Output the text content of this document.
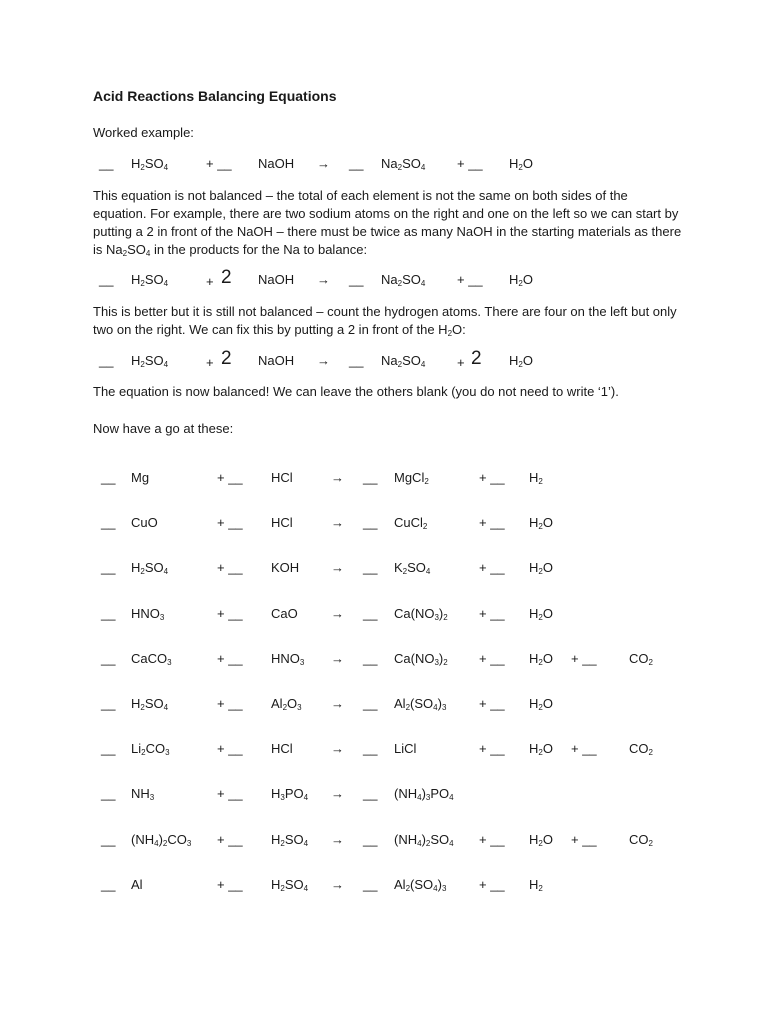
Acid Reactions Balancing Equations
Worked example:
__ $H_2SO_4$	+ __ NaOH → __ $Na_2SO_4$ + __ $H_2O$
This equation is not balanced – the total of each element is not the same on both sides of the equation. For example, there are two sodium atoms on the right and one on the left so we can start by putting a 2 in front of the NaOH – there must be twice as many NaOH in the starting materials as there is $Na_2SO_4$ in the products for the Na to balance:
__ $H_2SO_4$	+ 2 NaOH → __ $Na_2SO_4$ + __ $H_2O$
This is better but it is still not balanced – count the hydrogen atoms. There are four on the left but only two on the right. We can fix this by putting a 2 in front of the $H_2O$:
__ $H_2SO_4$	+ 2 NaOH → __ $Na_2SO_4 + 2$ $H_2O$
The equation is now balanced! We can leave the others blank (you do not need to write ‘1’).
Now have a go at these:
__ Mg	+ __ HCl	→ __ MgCl$_2$	+ __ $H_2$
__ CuO	+ __ HCl	→ __ CuCl$_2$	+ __ $H_2O$
__ $H_2SO_4$	+ __ KOH → __ $K_2SO_4$	+ __ $H_2O$
__ $HNO_3$	+ __ CaO	→ __ $Ca(NO_3)_2$ + __ $H_2O$
__ CaCO$_3$	+ __ $HNO_3$ → __ $Ca(NO_3)_2$ + __ $H_2O$ + __ $CO_2$
__ $H_2SO_4$	+ __ $Al_2O_3$ → __ $Al_2(SO_4)_3$	+ __ $H_2O$
__ $Li_2CO_3$	+ __ HCl	→ __ LiCl	+ __ $H_2O$ + __ $CO_2$
__ $NH_3$	+ __ $H_3PO_4$ → __ $(NH_4)_3PO_4$
__ $(NH_4)_2CO_3$ + __ $H_2SO_4$ → __ $(NH_4)_2SO_4$ + __ $H_2O$ + __ $CO_2$
__ Al	+ __ $H_2SO_4$ → __ $Al_2(SO_4)_3$	+ __ $H_2$
